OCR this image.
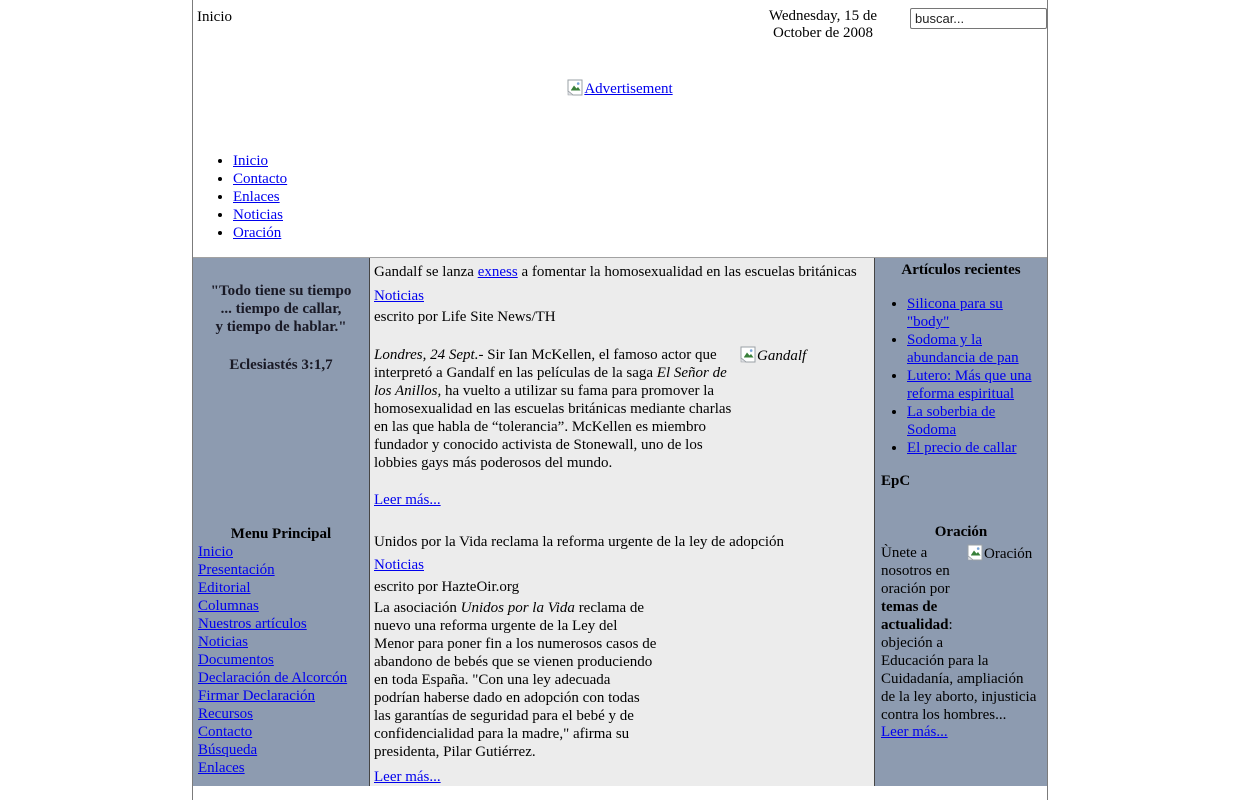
Inicio	Wednesday, 15 de
October de 2008
buscar...
Advertisement
• Inicio
• Contacto
• Enlaces
• Noticias
• Oración
"Todo tiene su tiempo
... tiempo de callar,
y tiempo de hablar."
Eclesiastés 3:1,7
Menu Principal
Inicio
Presentación
Editorial
Columnas
Nuestros artículos
Noticias
Documentos
Declaración de Alcorcón
Firmar Declaración
Recursos
Contacto
Búsqueda
Enlaces
Gandalf se lanza exness a fomentar la homosexualidad en las escuelas británicas
Noticias
escrito por Life Site News/TH
Gandalf
Londres, 24 Sept.- Sir Ian McKellen, el famoso actor que interpretó a Gandalf en las películas de la saga El Señor de los Anillos, ha vuelto a utilizar su fama para promover la homosexualidad en las escuelas británicas mediante charlas en las que habla de “tolerancia”. McKellen es miembro fundador y conocido activista de Stonewall, uno de los lobbies gays más poderosos del mundo.
Leer más...
Unidos por la Vida reclama la reforma urgente de la ley de adopción
Noticias
escrito por HazteOir.org
La asociación Unidos por la Vida reclama de nuevo una reforma urgente de la Ley del Menor para poner fin a los numerosos casos de abandono de bebés que se vienen produciendo en toda España. "Con una ley adecuada podrían haberse dado en adopción con todas las garantías de seguridad para el bebé y de confidencialidad para la madre," afirma su presidenta, Pilar Gutiérrez.
Leer más...
Artículos recientes
• Silicona para su "body"
• Sodoma y la abundancia de pan
• Lutero: Más que una reforma espiritual
• La soberbia de Sodoma
• El precio de callar
EpC
Oración
Oración
Ùnete a nosotros en oración por temas de actualidad: objeción a Educación para la Cuidadanía, ampliación de la ley aborto, injusticia contra los hombres...
Leer más...
